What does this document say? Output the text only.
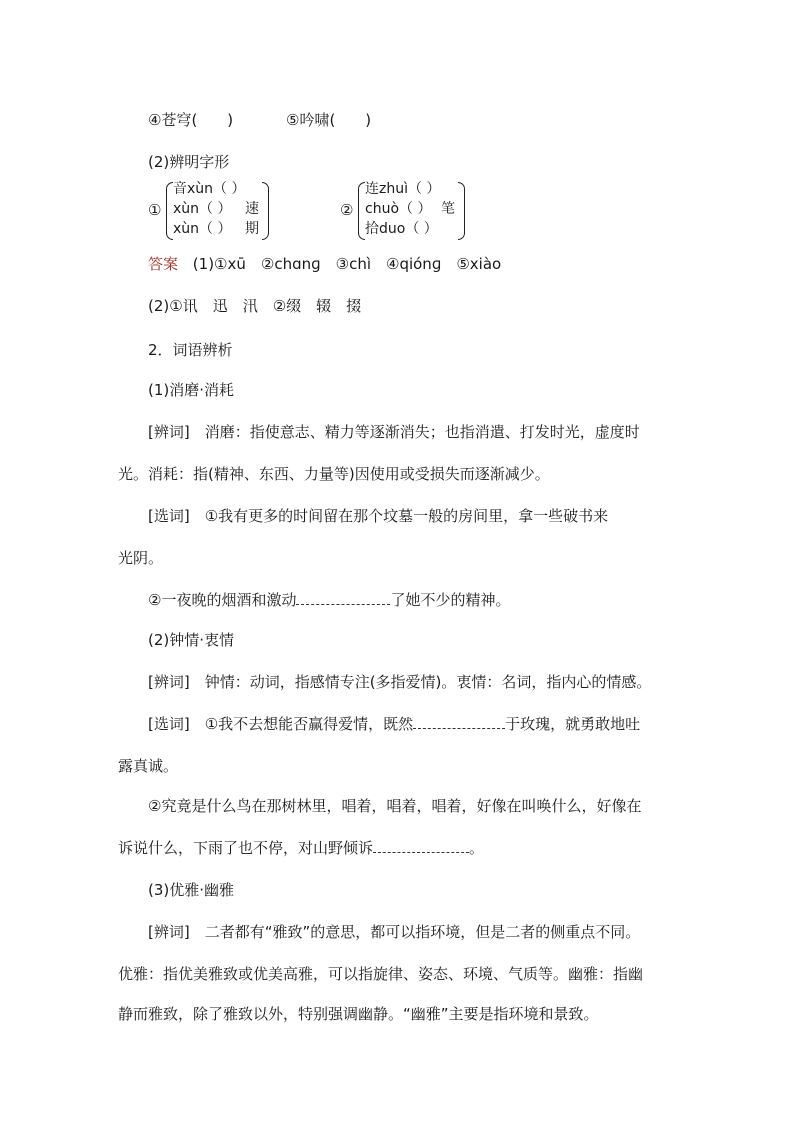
④苍穹(　　)	⑤吟啸(　　)
(2)辨明字形
①
音xùn（ ）
xùn（ ） 速
xùn（ ） 期
②
连zhuì（ ）
chuò（ ） 笔
拾duo（ ）
答案 (1)①xū　②chɑnɡ　③chì　④qiónɡ　⑤xiào
(2)①讯　迅　汛　②缀　辍　掇
2．词语辨析
(1)消磨·消耗
[辨词]　消磨：指使意志、精力等逐渐消失；也指消遣、打发时光，虚度时
光。消耗：指(精神、东西、力量等)因使用或受损失而逐渐减少。
[选词]　①我有更多的时间留在那个坟墓一般的房间里，拿一些破书来
光阴。
②一夜晚的烟酒和激动	了她不少的精神。
(2)钟情·衷情
[辨词]　钟情：动词，指感情专注(多指爱情)。衷情：名词，指内心的情感。
[选词]　①我不去想能否赢得爱情，既然	于玫瑰，就勇敢地吐
露真诚。
②究竟是什么鸟在那树林里，唱着，唱着，唱着，好像在叫唤什么，好像在
诉说什么，下雨了也不停，对山野倾诉	。
(3)优雅·幽雅
[辨词]　二者都有“雅致”的意思，都可以指环境，但是二者的侧重点不同。
优雅：指优美雅致或优美高雅，可以指旋律、姿态、环境、气质等。幽雅：指幽
静而雅致，除了雅致以外，特别强调幽静。“幽雅”主要是指环境和景致。
